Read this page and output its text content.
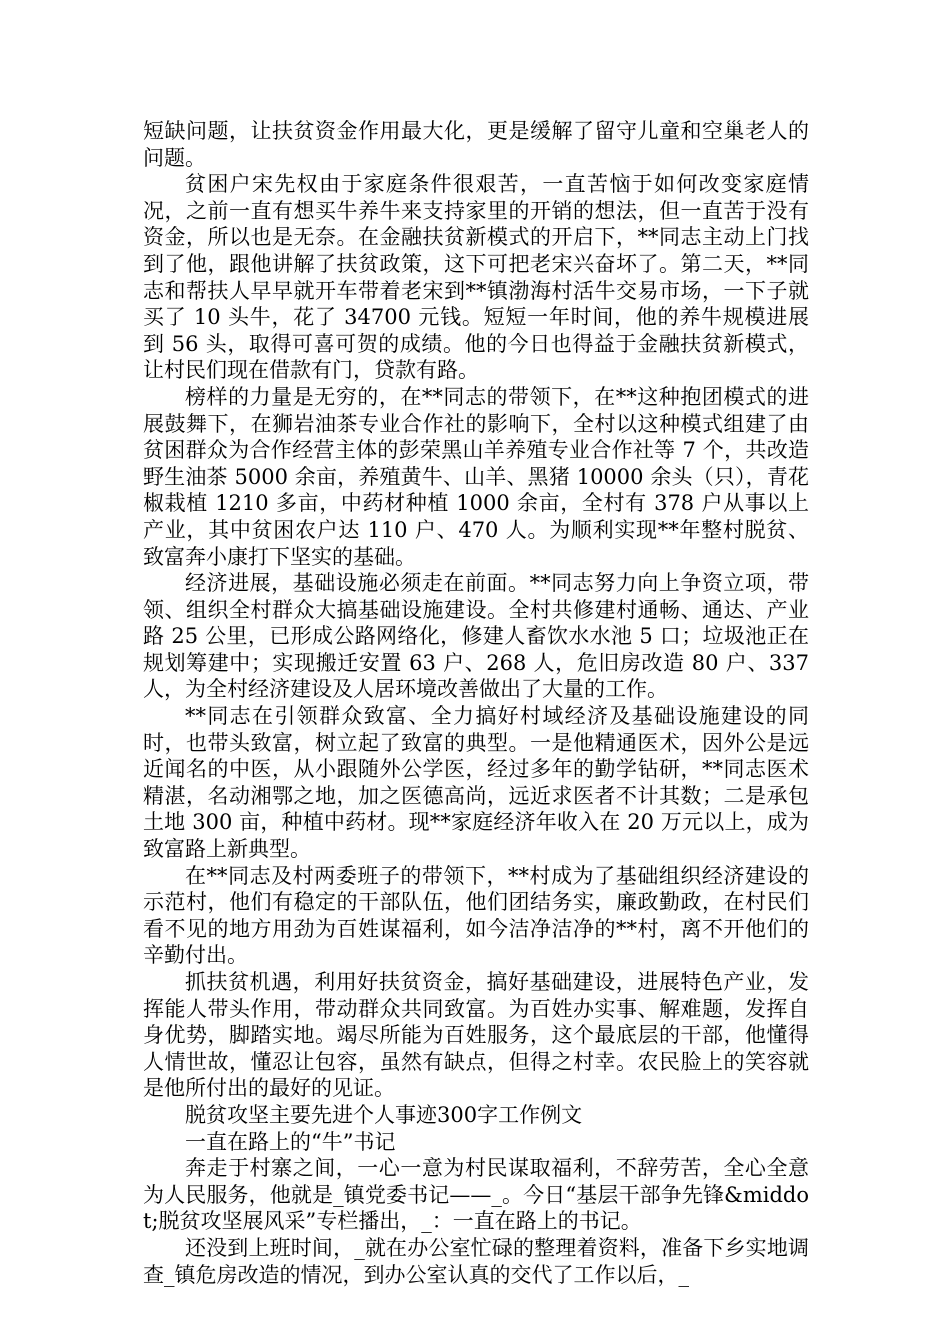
短缺问题，让扶贫资金作用最大化，更是缓解了留守儿童和空巢老人的问题。

贫困户宋先权由于家庭条件很艰苦，一直苦恼于如何改变家庭情况，之前一直有想买牛养牛来支持家里的开销的想法，但一直苦于没有资金，所以也是无奈。在金融扶贫新模式的开启下，**同志主动上门找到了他，跟他讲解了扶贫政策，这下可把老宋兴奋坏了。第二天，**同志和帮扶人早早就开车带着老宋到**镇渤海村活牛交易市场，一下子就买了 10 头牛，花了 34700 元钱。短短一年时间，他的养牛规模进展到 56 头，取得可喜可贺的成绩。他的今日也得益于金融扶贫新模式，让村民们现在借款有门，贷款有路。

榜样的力量是无穷的，在**同志的带领下，在**这种抱团模式的进展鼓舞下，在狮岩油茶专业合作社的影响下，全村以这种模式组建了由贫困群众为合作经营主体的彭荣黑山羊养殖专业合作社等 7 个，共改造野生油茶 5000 余亩，养殖黄牛、山羊、黑猪 10000 余头（只），青花椒栽植 1210 多亩，中药材种植 1000 余亩，全村有 378 户从事以上产业，其中贫困农户达 110 户、470 人。为顺利实现**年整村脱贫、致富奔小康打下坚实的基础。

经济进展，基础设施必须走在前面。**同志努力向上争资立项，带领、组织全村群众大搞基础设施建设。全村共修建村通畅、通达、产业路 25 公里，已形成公路网络化，修建人畜饮水水池 5 口；垃圾池正在规划筹建中；实现搬迁安置 63 户、268 人，危旧房改造 80 户、337 人，为全村经济建设及人居环境改善做出了大量的工作。

**同志在引领群众致富、全力搞好村域经济及基础设施建设的同时，也带头致富，树立起了致富的典型。一是他精通医术，因外公是远近闻名的中医，从小跟随外公学医，经过多年的勤学钻研，**同志医术精湛，名动湘鄂之地，加之医德高尚，远近求医者不计其数；二是承包土地 300 亩，种植中药材。现**家庭经济年收入在 20 万元以上，成为致富路上新典型。

在**同志及村两委班子的带领下，**村成为了基础组织经济建设的示范村，他们有稳定的干部队伍，他们团结务实，廉政勤政，在村民们看不见的地方用劲为百姓谋福利，如今洁净洁净的**村，离不开他们的辛勤付出。

抓扶贫机遇，利用好扶贫资金，搞好基础建设，进展特色产业，发挥能人带头作用，带动群众共同致富。为百姓办实事、解难题，发挥自身优势，脚踏实地。竭尽所能为百姓服务，这个最底层的干部，他懂得人情世故，懂忍让包容，虽然有缺点，但得之村幸。农民脸上的笑容就是他所付出的最好的见证。

脱贫攻坚主要先进个人事迹300字工作例文

一直在路上的“牛”书记

奔走于村寨之间，一心一意为村民谋取福利，不辞劳苦，全心全意为人民服务，他就是_镇党委书记——_。今日“基层干部争先锋&middot;脱贫攻坚展风采”专栏播出，_：一直在路上的书记。

还没到上班时间，_就在办公室忙碌的整理着资料，准备下乡实地调查_镇危房改造的情况，到办公室认真的交代了工作以后，_
